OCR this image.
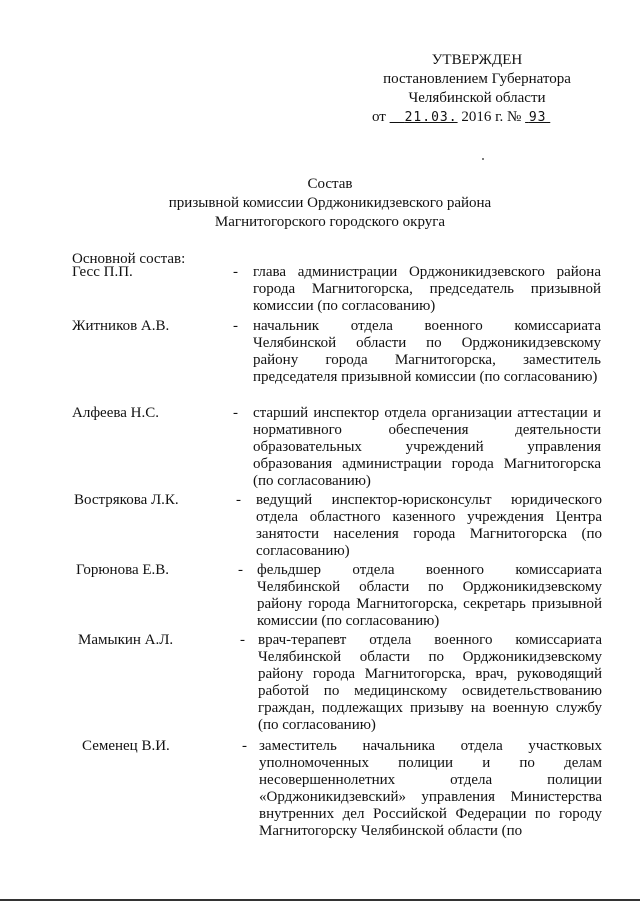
УТВЕРЖДЕН
постановлением Губернатора
Челябинской области
от 21.03. 2016 г. № 93
Состав
призывной комиссии Орджоникидзевского района
Магнитогорского городского округа
Основной состав:
Гесс П.П.	- глава администрации Орджоникидзевского района города Магнитогорска, председатель призывной комиссии (по согласованию)
Житников А.В.	- начальник отдела военного комиссариата Челябинской области по Орджоникидзевскому району города Магнитогорска, заместитель председателя призывной комиссии (по согласованию)
Алфеева Н.С.	- старший инспектор отдела организации аттестации и нормативного обеспечения деятельности образовательных учреждений управления образования администрации города Магнитогорска (по согласованию)
Вострякова Л.К.	- ведущий инспектор-юрисконсульт юридического отдела областного казенного учреждения Центра занятости населения города Магнитогорска (по согласованию)
Горюнова Е.В.	- фельдшер отдела военного комиссариата Челябинской области по Орджоникидзевскому району города Магнитогорска, секретарь призывной комиссии (по согласованию)
Мамыкин А.Л.	- врач-терапевт отдела военного комиссариата Челябинской области по Орджоникидзевскому району города Магнитогорска, врач, руководящий работой по медицинскому освидетельствованию граждан, подлежащих призыву на военную службу (по согласованию)
Семенец В.И.	- заместитель начальника отдела участковых уполномоченных полиции и по делам несовершеннолетних отдела полиции «Орджоникидзевский» управления Министерства внутренних дел Российской Федерации по городу Магнитогорску Челябинской области (по
